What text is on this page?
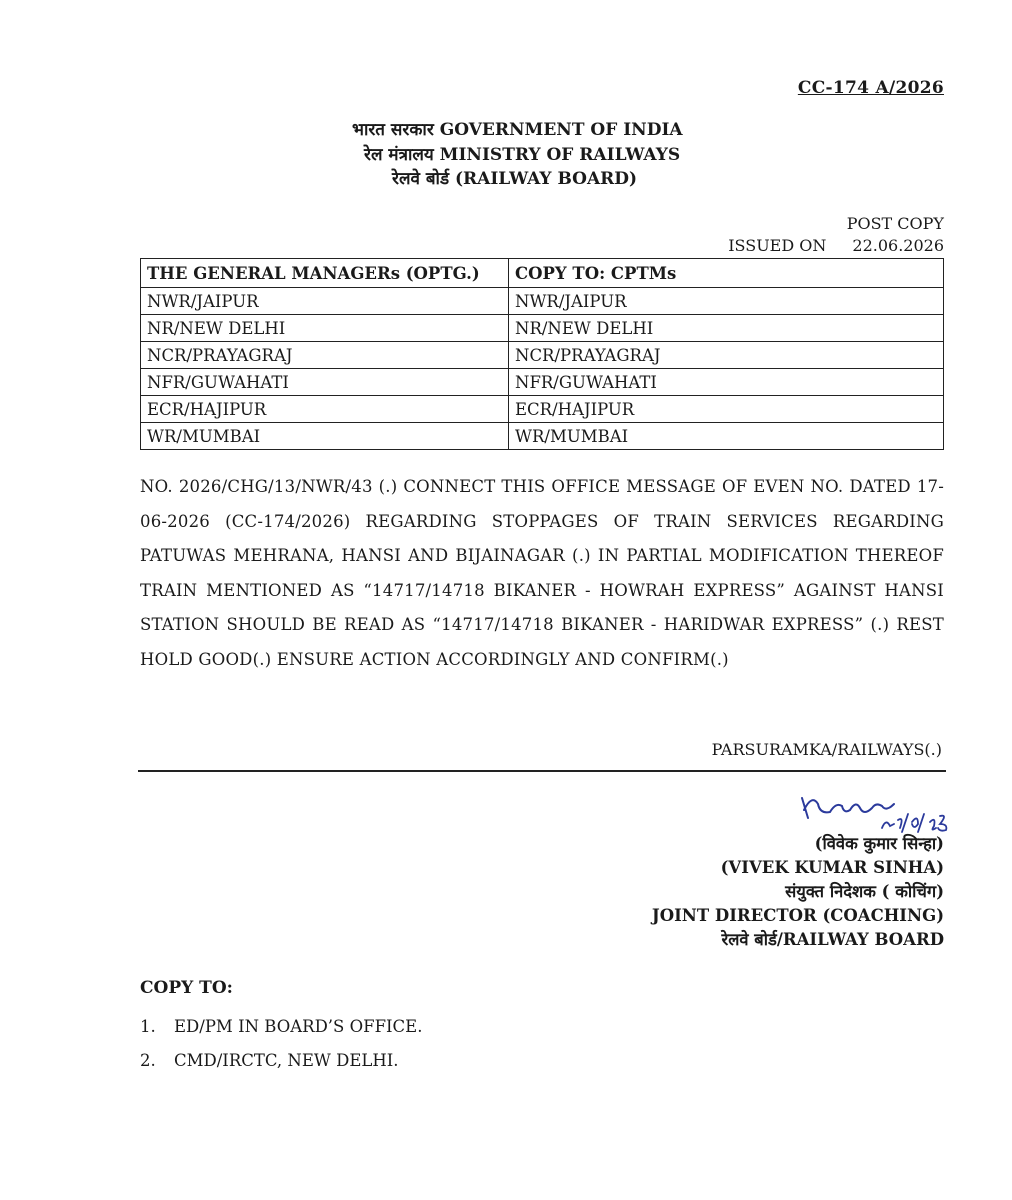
CC-174 A/2026
भारत सरकार GOVERNMENT OF INDIA
रेल मंत्रालय MINISTRY OF RAILWAYS
रेलवे बोर्ड (RAILWAY BOARD)
POST COPY
ISSUED ON 22.06.2026
THE GENERAL MANAGERs (OPTG.)	COPY TO: CPTMs
NWR/JAIPUR	NWR/JAIPUR
NR/NEW DELHI	NR/NEW DELHI
NCR/PRAYAGRAJ	NCR/PRAYAGRAJ
NFR/GUWAHATI	NFR/GUWAHATI
ECR/HAJIPUR	ECR/HAJIPUR
WR/MUMBAI	WR/MUMBAI
NO. 2026/CHG/13/NWR/43 (.) CONNECT THIS OFFICE MESSAGE OF EVEN NO. DATED 17-06-2026 (CC-174/2026) REGARDING STOPPAGES OF TRAIN SERVICES REGARDING PATUWAS MEHRANA, HANSI AND BIJAINAGAR (.) IN PARTIAL MODIFICATION THEREOF TRAIN MENTIONED AS “14717/14718 BIKANER - HOWRAH EXPRESS” AGAINST HANSI STATION SHOULD BE READ AS “14717/14718 BIKANER - HARIDWAR EXPRESS” (.) REST HOLD GOOD(.) ENSURE ACTION ACCORDINGLY AND CONFIRM(.)
PARSURAMKA/RAILWAYS(.)
(विवेक कुमार सिन्हा)
(VIVEK KUMAR SINHA)
संयुक्त निदेशक ( कोचिंग)
JOINT DIRECTOR (COACHING)
रेलवे बोर्ड/RAILWAY BOARD
COPY TO:
1. ED/PM IN BOARD’S OFFICE.
2. CMD/IRCTC, NEW DELHI.
